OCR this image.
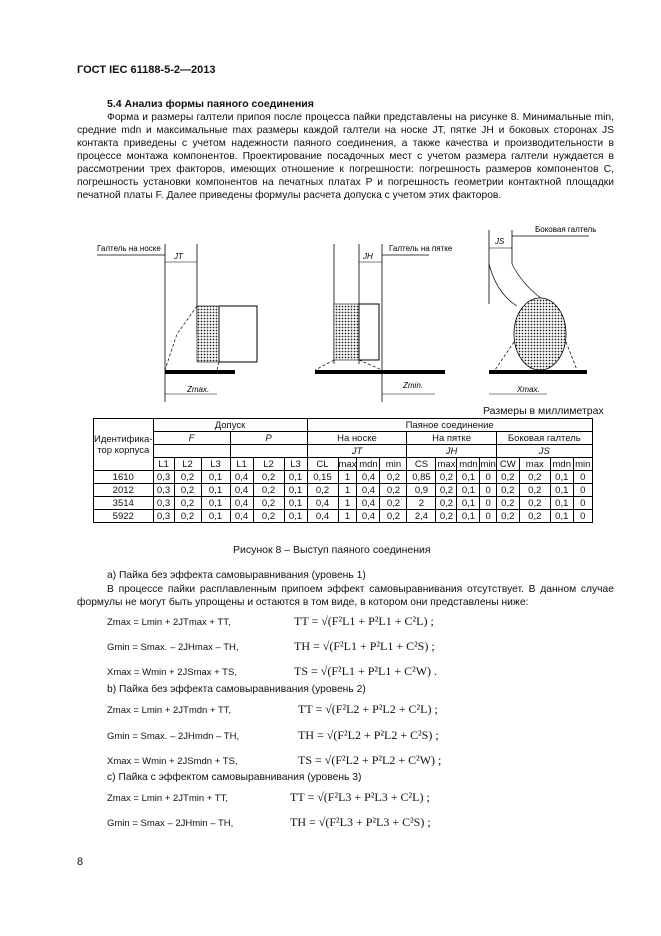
ГОСТ IEC 61188-5-2—2013
5.4 Анализ формы паяного соединения
Форма и размеры галтели припоя после процесса пайки представлены на рисунке 8. Минимальные min, средние mdn и максимальные max размеры каждой галтели на носке JT, пятке JH и боковых сторонах JS контакта приведены с учетом надежности паяного соединения, а также качества и производительности в процессе монтажа компонентов. Проектирование посадочных мест с учетом размера галтели нуждается в рассмотрении трех факторов, имеющих отношение к погрешности: погрешность размеров компонентов C, погрешность установки компонентов на печатных платах P и погрешность геометрии контактной площадки печатной платы F. Далее приведены формулы расчета допуска с учетом этих факторов.
Галтель на носке
JT
Zmax.
Галтель на пятке
JH
Zmin.
Боковая галтель
JS
Xmax.
Размеры в миллиметрах
Идентифика-тор корпуса	Допуск						Паяное соединение											
	F			P			На носке				На пятке				Боковая галтель			
							JT				JH				JS			
	L1	L2	L3	L1	L2	L3	CL	max	mdn	min	CS	max	mdn	min	CW	max	mdn	min
1610	0,3	0,2	0,1	0,4	0,2	0,1	0,15	1	0,4	0,2	0,85	0,2	0,1	0	0,2	0,2	0,1	0
2012	0,3	0,2	0,1	0,4	0,2	0,1	0,2	1	0,4	0,2	0,9	0,2	0,1	0	0,2	0,2	0,1	0
3514	0,3	0,2	0,1	0,4	0,2	0,1	0,4	1	0,4	0,2	2	0,2	0,1	0	0,2	0,2	0,1	0
5922	0,3	0,2	0,1	0,4	0,2	0,1	0,4	1	0,4	0,2	2,4	0,2	0,1	0	0,2	0,2	0,1	0
Рисунок 8 – Выступ паяного соединения
а) Пайка без эффекта самовыравнивания (уровень 1)
В процессе пайки расплавленным припоем эффект самовыравнивания отсутствует. В данном случае формулы не могут быть упрощены и остаются в том виде, в котором они представлены ниже:
Zmax = Lmin + 2JTmax + TT,	TT = √(F²L1 + P²L1 + C²L) ;
Gmin = Smax. – 2JHmax – TH,	TH = √(F²L1 + P²L1 + C²S) ;
Xmax = Wmin + 2JSmax + TS,	TS = √(F²L1 + P²L1 + C²W) .
b) Пайка без эффекта самовыравнивания (уровень 2)
Zmax = Lmin + 2JTmdn + TT,	TT = √(F²L2 + P²L2 + C²L) ;
Gmin = Smax. – 2JHmdn – TH,	TH = √(F²L2 + P²L2 + C²S) ;
Xmax = Wmin + 2JSmdn + TS,	TS = √(F²L2 + P²L2 + C²W) ;
c) Пайка с эффектом самовыравнивания (уровень 3)
Zmax = Lmin + 2JTmin + TT,	TT = √(F²L3 + P²L3 + C²L) ;
Gmin = Smax – 2JHmin – TH,	TH = √(F²L3 + P²L3 + C²S) ;
8
